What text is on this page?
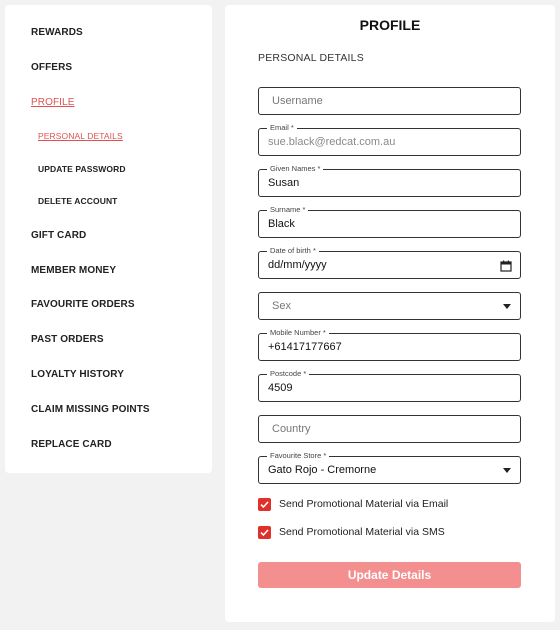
REWARDS
OFFERS
PROFILE
PERSONAL DETAILS
UPDATE PASSWORD
DELETE ACCOUNT
GIFT CARD
MEMBER MONEY
FAVOURITE ORDERS
PAST ORDERS
LOYALTY HISTORY
CLAIM MISSING POINTS
REPLACE CARD
PROFILE
PERSONAL DETAILS
Username
Email *
sue.black@redcat.com.au
Given Names *
Susan
Surname *
Black
Date of birth *
dd/mm/yyyy
Sex
Mobile Number *
+61417177667
Postcode *
4509
Country
Favourite Store *
Gato Rojo - Cremorne
Send Promotional Material via Email
Send Promotional Material via SMS
Update Details
